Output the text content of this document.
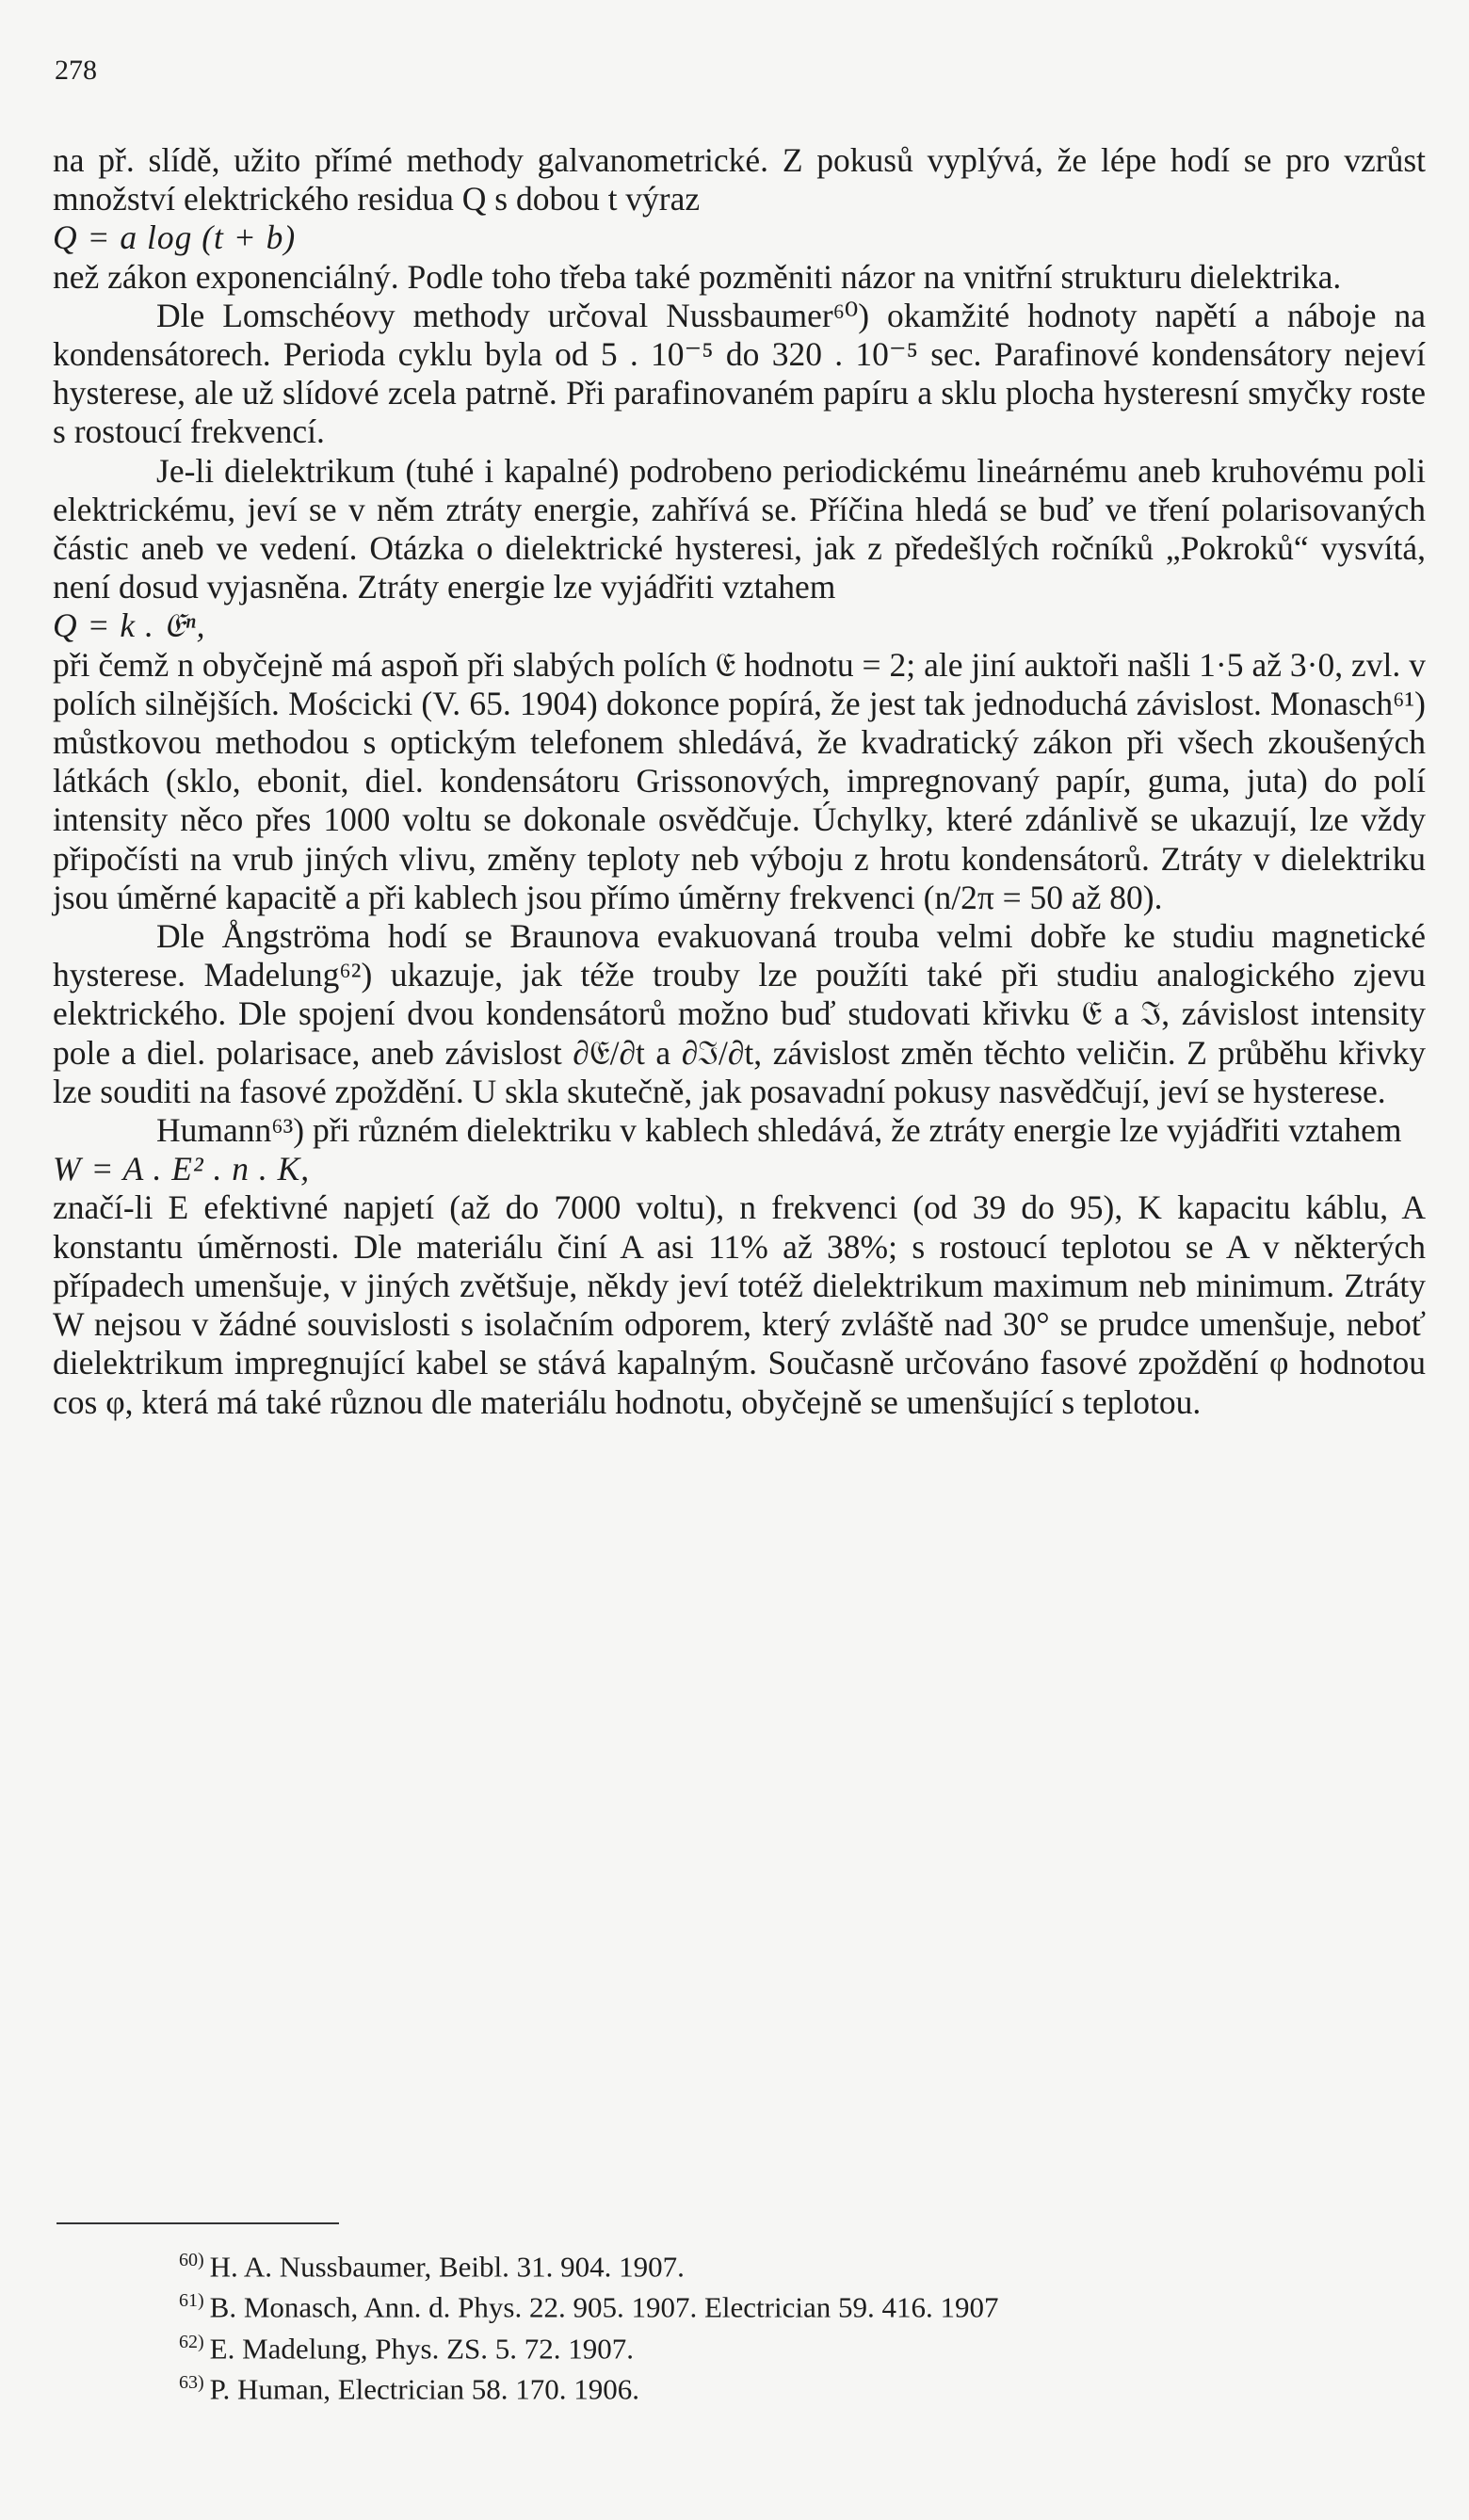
278

na př. slídě, užito přímé methody galvanometrické. Z pokusů vyplývá, že lépe hodí se pro vzrůst množství elektrického residua Q s dobou t výraz

Q = a log (t + b)

než zákon exponenciálný. Podle toho třeba také pozměniti názor na vnitřní strukturu dielektrika.

Dle Lomschéovy methody určoval Nussbaumer⁶⁰) okamžité hodnoty napětí a náboje na kondensátorech. Perioda cyklu byla od 5 . 10⁻⁵ do 320 . 10⁻⁵ sec. Parafinové kondensátory nejeví hysterese, ale už slídové zcela patrně. Při parafinovaném papíru a sklu plocha hysteresní smyčky roste s rostoucí frekvencí.

Je-li dielektrikum (tuhé i kapalné) podrobeno periodickému lineárnému aneb kruhovému poli elektrickému, jeví se v něm ztráty energie, zahřívá se. Příčina hledá se buď ve tření polarisovaných částic aneb ve vedení. Otázka o dielektrické hysteresi, jak z předešlých ročníků „Pokroků“ vysvítá, není dosud vyjasněna. Ztráty energie lze vyjádřiti vztahem

Q = k . 𝔈ⁿ,

při čemž n obyčejně má aspoň při slabých polích 𝔈 hodnotu = 2; ale jiní auktoři našli 1·5 až 3·0, zvl. v polích silnějších. Mościcki (V. 65. 1904) dokonce popírá, že jest tak jednoduchá závislost. Monasch⁶¹) můstkovou methodou s optickým telefonem shledává, že kvadratický zákon při všech zkoušených látkách (sklo, ebonit, diel. kondensátoru Grissonových, impregnovaný papír, guma, juta) do polí intensity něco přes 1000 voltu se dokonale osvědčuje. Úchylky, které zdánlivě se ukazují, lze vždy připočísti na vrub jiných vlivu, změny teploty neb výboju z hrotu kondensátorů. Ztráty v dielektriku jsou úměrné kapacitě a při kablech jsou přímo úměrny frekvenci (n/2π = 50 až 80).

Dle Ångströma hodí se Braunova evakuovaná trouba velmi dobře ke studiu magnetické hysterese. Madelung⁶²) ukazuje, jak téže trouby lze použíti také při studiu analogického zjevu elektrického. Dle spojení dvou kondensátorů možno buď studovati křivku 𝔈 a ℑ, závislost intensity pole a diel. polarisace, aneb závislost ∂𝔈/∂t a ∂ℑ/∂t, závislost změn těchto veličin. Z průběhu křivky lze souditi na fasové zpoždění. U skla skutečně, jak posavadní pokusy nasvědčují, jeví se hysterese.

Humann⁶³) při různém dielektriku v kablech shledává, že ztráty energie lze vyjádřiti vztahem

W = A . E² . n . K,

značí-li E efektivné napjetí (až do 7000 voltu), n frekvenci (od 39 do 95), K kapacitu káblu, A konstantu úměrnosti. Dle materiálu činí A asi 11% až 38%; s rostoucí teplotou se A v některých případech umenšuje, v jiných zvětšuje, někdy jeví totéž dielektrikum maximum neb minimum. Ztráty W nejsou v žádné souvislosti s isolačním odporem, který zvláště nad 30° se prudce umenšuje, neboť dielektrikum impregnující kabel se stává kapalným. Současně určováno fasové zpoždění φ hodnotou cos φ, která má také různou dle materiálu hodnotu, obyčejně se umenšující s teplotou.

$^{60)}$ H. A. Nussbaumer, Beibl. 31. 904. 1907.
$^{61)}$ B. Monasch, Ann. d. Phys. 22. 905. 1907. Electrician 59. 416. 1907
$^{62)}$ E. Madelung, Phys. ZS. 5. 72. 1907.
$^{63)}$ P. Human, Electrician 58. 170. 1906.
